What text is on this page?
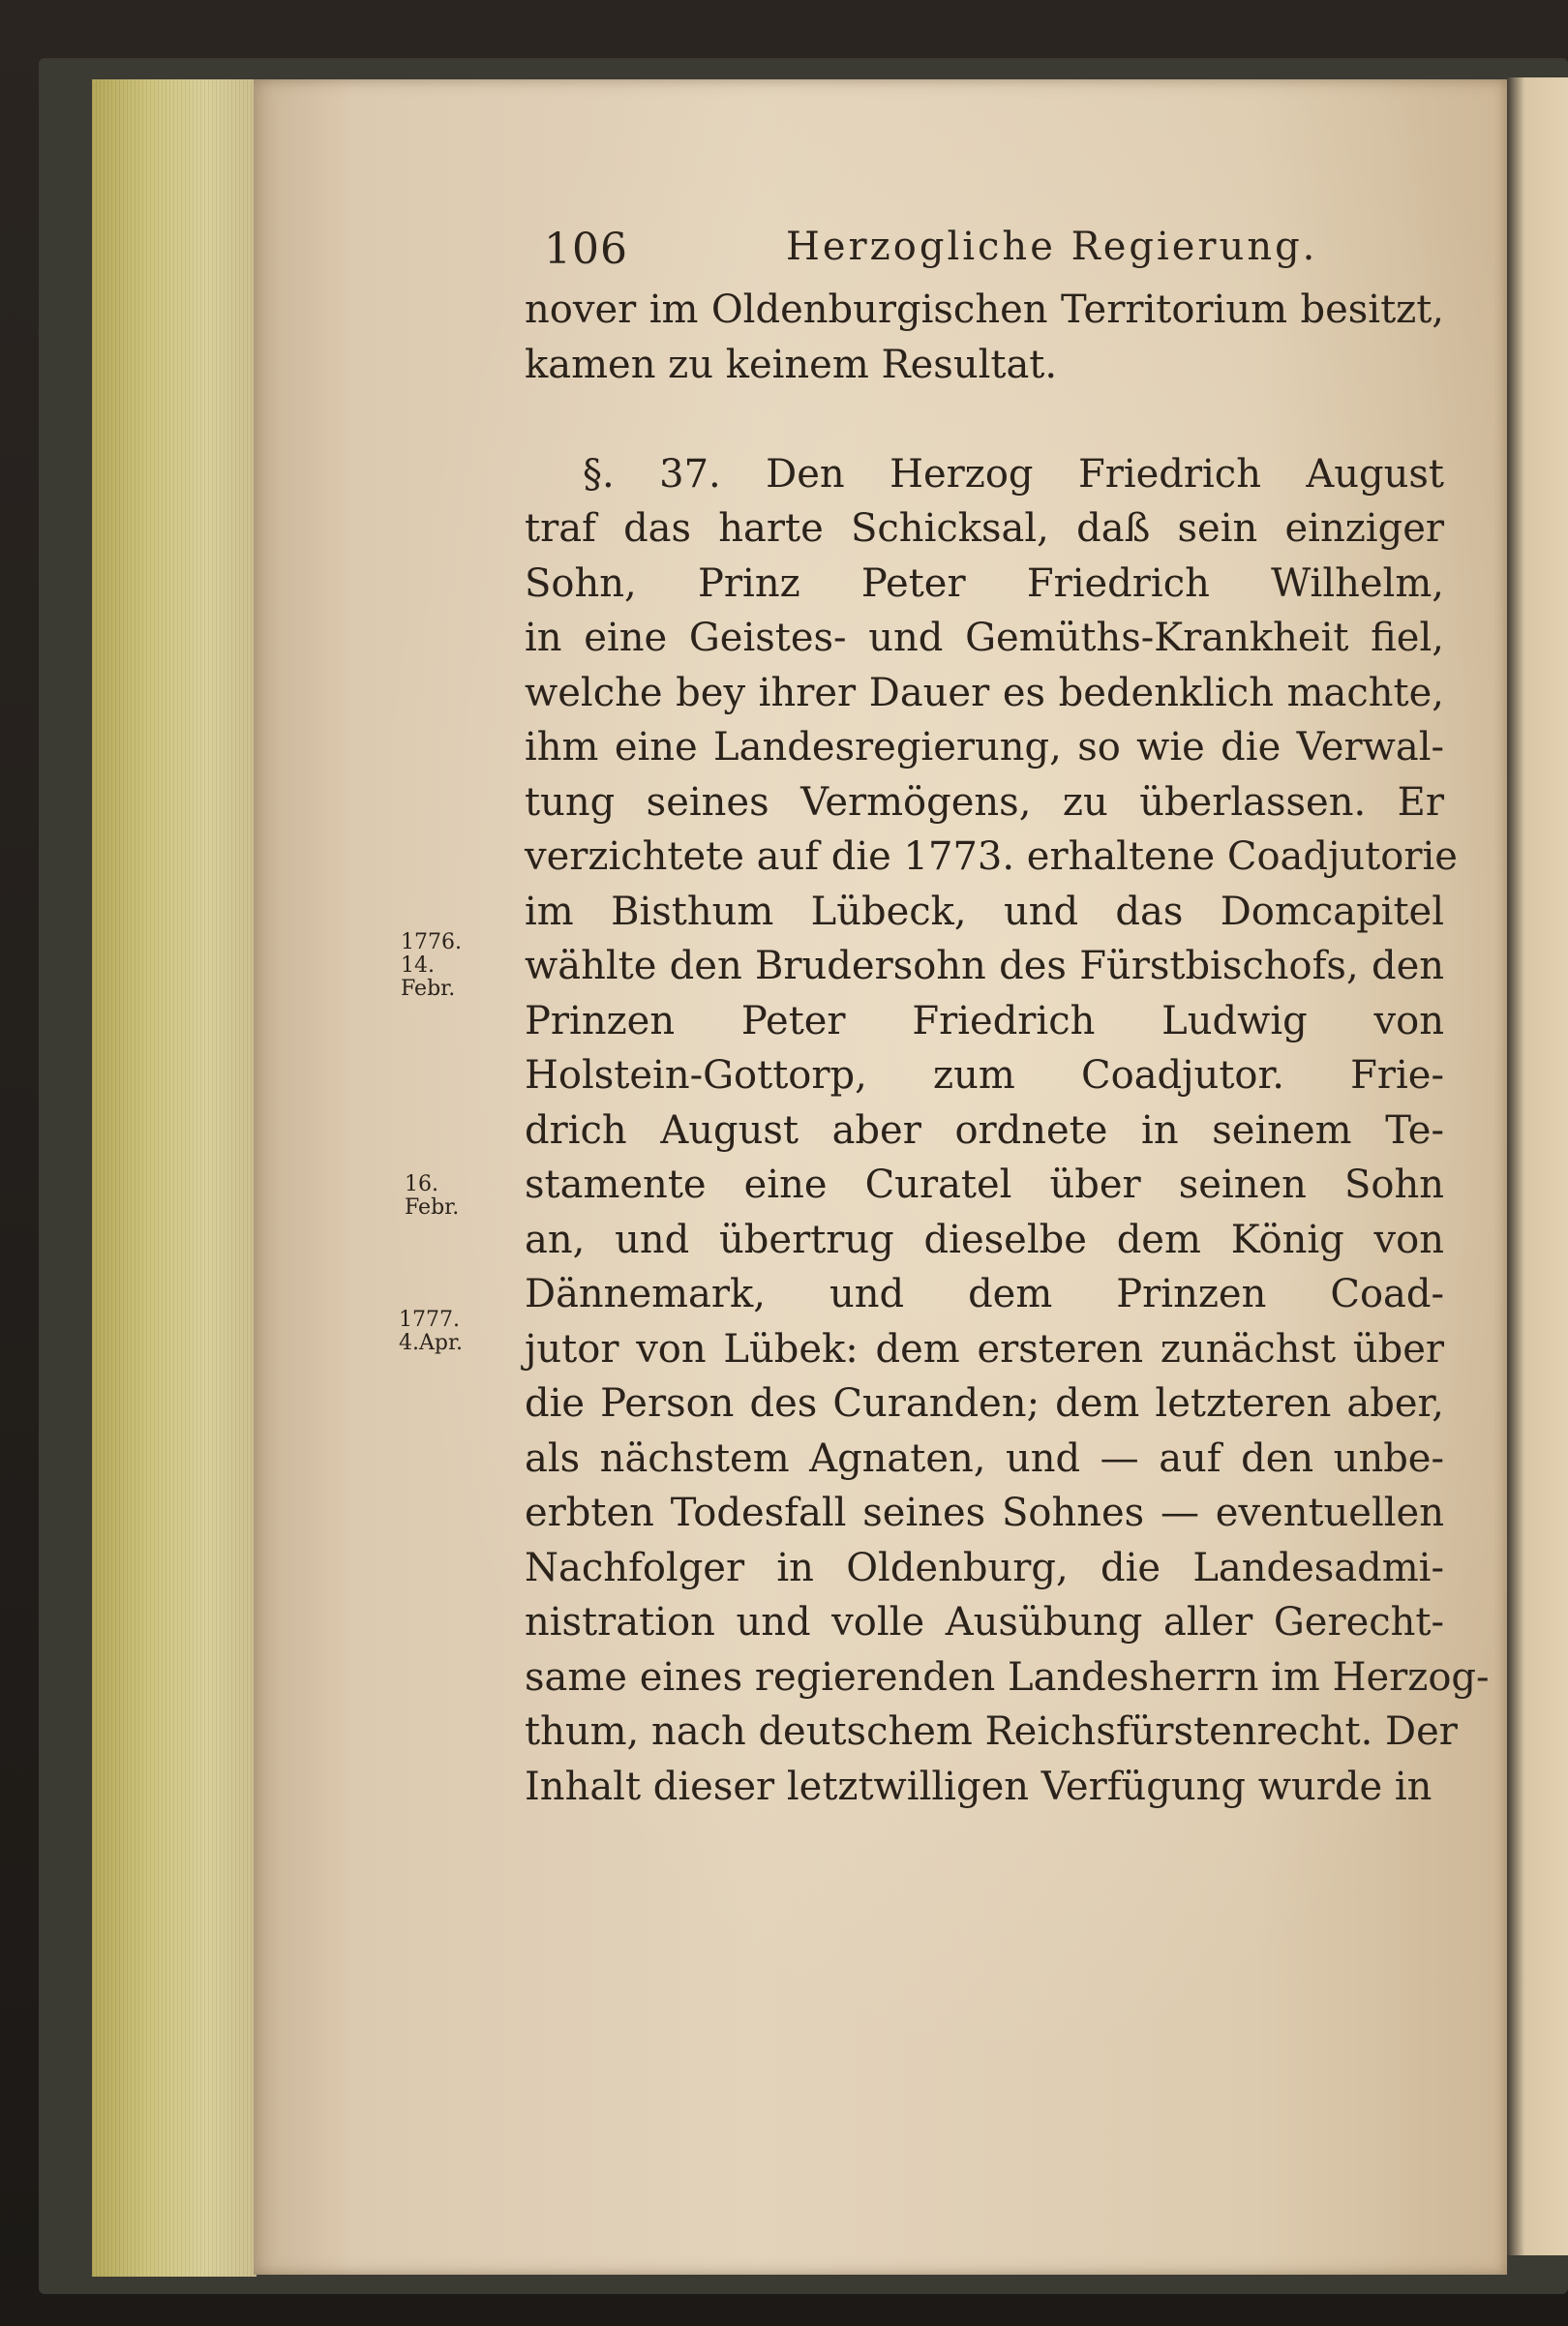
106	Herzogliche Regierung.
nover im Oldenburgischen Territorium besitzt,
kamen zu keinem Resultat.
§. 37. Den Herzog Friedrich August
traf das harte Schicksal, daß sein einziger
Sohn, Prinz Peter Friedrich Wilhelm,
in eine Geistes- und Gemüths-Krankheit fiel,
welche bey ihrer Dauer es bedenklich machte,
ihm eine Landesregierung, so wie die Verwal-
tung seines Vermögens, zu überlassen. Er
verzichtete auf die 1773. erhaltene Coadjutorie
im Bisthum Lübeck, und das Domcapitel
wählte den Brudersohn des Fürstbischofs, den
Prinzen Peter Friedrich Ludwig von
Holstein-Gottorp, zum Coadjutor. Frie-
drich August aber ordnete in seinem Te-
stamente eine Curatel über seinen Sohn
an, und übertrug dieselbe dem König von
Dännemark, und dem Prinzen Coad-
jutor von Lübek: dem ersteren zunächst über
die Person des Curanden; dem letzteren aber,
als nächstem Agnaten, und — auf den unbe-
erbten Todesfall seines Sohnes — eventuellen
Nachfolger in Oldenburg, die Landesadmi-
nistration und volle Ausübung aller Gerecht-
same eines regierenden Landesherrn im Herzog-
thum, nach deutschem Reichsfürstenrecht. Der
Inhalt dieser letztwilligen Verfügung wurde in
1776.
14.
Febr.
16.
Febr.
1777.
4.Apr.
